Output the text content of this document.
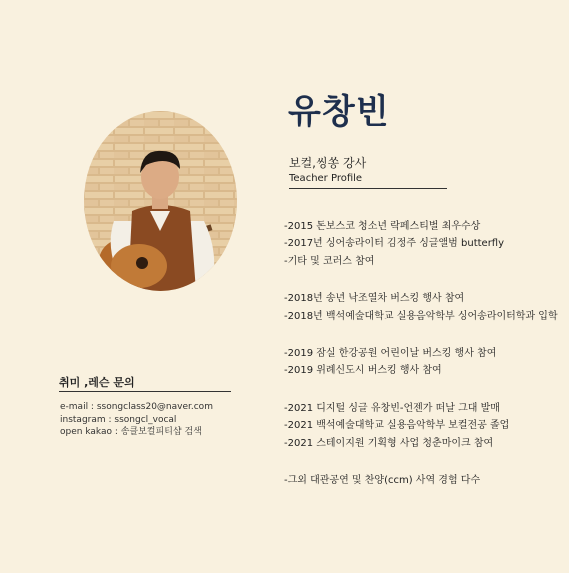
유창빈
보컬,씽쏭 강사
Teacher Profile
-2015 돈보스코 청소년 락페스티벌 최우수상
-2017년 싱어송라이터 김정주 싱글앨범 butterfly
-기타 및 코러스 참여
-2018년 송년 낙조열차 버스킹 행사 참여
-2018년 백석예술대학교 실용음악학부 싱어송라이터학과 입학
-2019 잠실 한강공원 어린이날 버스킹 행사 참여
-2019 위례신도시 버스킹 행사 참여
-2021 디지털 싱글 유창빈-언젠가 떠날 그대 발매
-2021 백석예술대학교 실용음악학부 보컬전공 졸업
-2021 스테이지원 기획형 사업 청춘마이크 참여
-그외 대관공연 및 찬양(ccm) 사역 경험 다수
취미 ,레슨 문의
e-mail : ssongclass20@naver.com
instagram : ssongcl_vocal
open kakao : 송클보컬피티샵 검색
